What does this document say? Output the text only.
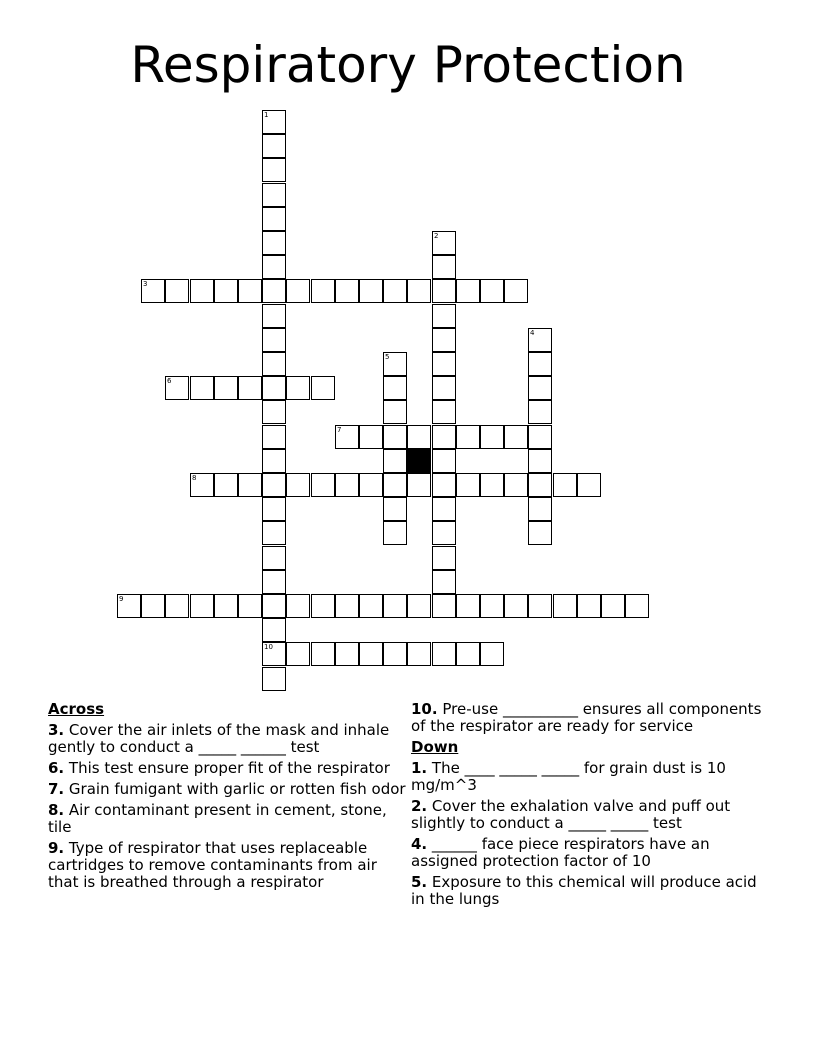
Respiratory Protection
1
10
2
3
4
5
6
7
8
9
Across
3. Cover the air inlets of the mask and inhale gently to conduct a _____ ______ test
6. This test ensure proper fit of the respirator
7. Grain fumigant with garlic or rotten fish odor
8. Air contaminant present in cement, stone, tile
9. Type of respirator that uses replaceable cartridges to remove contaminants from air that is breathed through a respirator
10. Pre-use __________ ensures all components of the respirator are ready for service
Down
1. The ____ _____ _____ for grain dust is 10 mg/m^3
2. Cover the exhalation valve and puff out slightly to conduct a _____ _____ test
4. ______ face piece respirators have an assigned protection factor of 10
5. Exposure to this chemical will produce acid in the lungs
